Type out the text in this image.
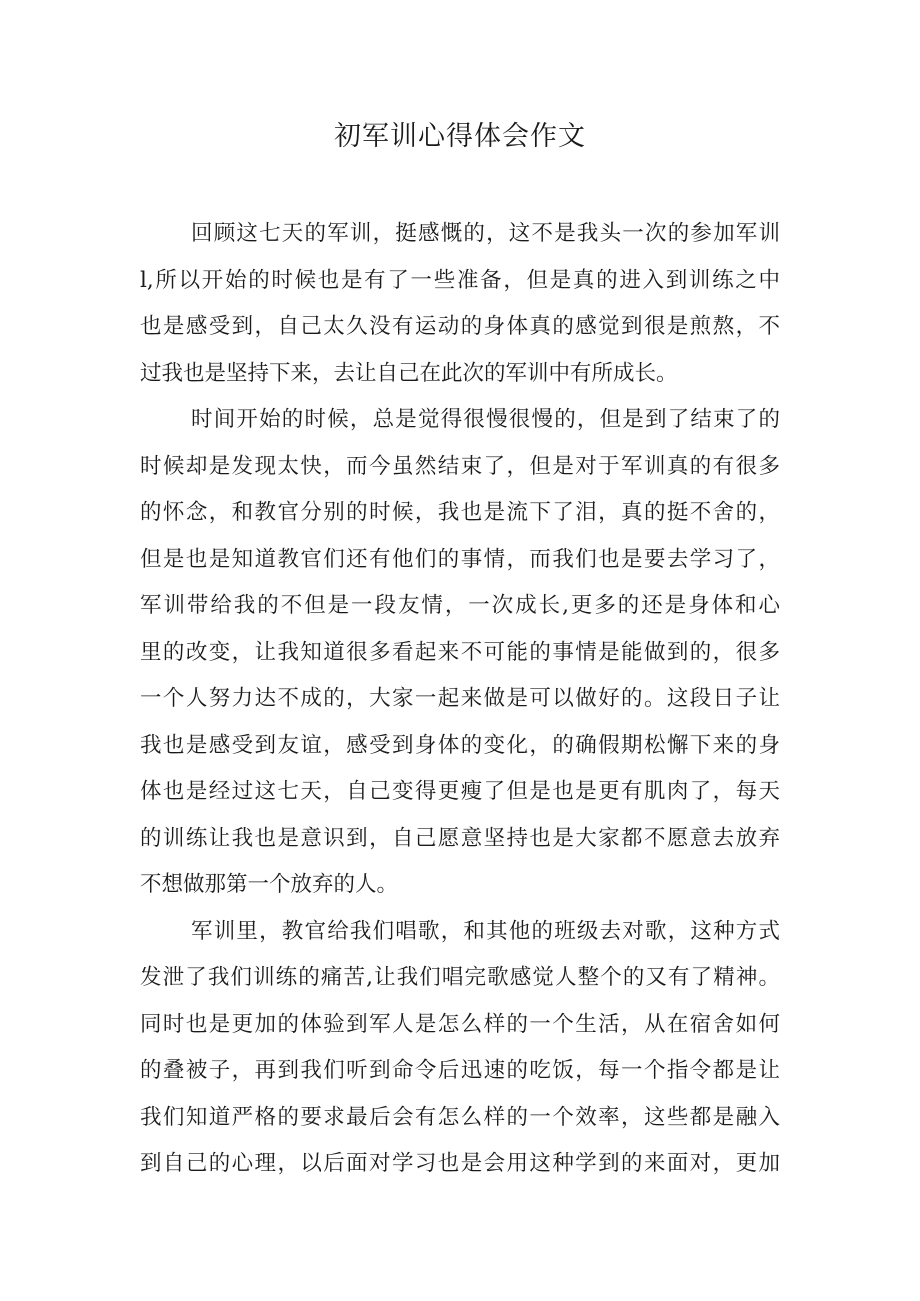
初军训心得体会作文
回顾这七天的军训，挺感慨的，这不是我头一次的参加军训
l,所以开始的时候也是有了一些准备，但是真的进入到训练之中
也是感受到，自己太久没有运动的身体真的感觉到很是煎熬，不
过我也是坚持下来，去让自己在此次的军训中有所成长。
时间开始的时候，总是觉得很慢很慢的，但是到了结束了的
时候却是发现太快，而今虽然结束了，但是对于军训真的有很多
的怀念，和教官分别的时候，我也是流下了泪，真的挺不舍的，
但是也是知道教官们还有他们的事情，而我们也是要去学习了，
军训带给我的不但是一段友情，一次成长,更多的还是身体和心
里的改变，让我知道很多看起来不可能的事情是能做到的，很多
一个人努力达不成的，大家一起来做是可以做好的。这段日子让
我也是感受到友谊，感受到身体的变化，的确假期松懈下来的身
体也是经过这七天，自己变得更瘦了但是也是更有肌肉了，每天
的训练让我也是意识到，自己愿意坚持也是大家都不愿意去放弃
不想做那第一个放弃的人。
军训里，教官给我们唱歌，和其他的班级去对歌，这种方式
发泄了我们训练的痛苦,让我们唱完歌感觉人整个的又有了精神。
同时也是更加的体验到军人是怎么样的一个生活，从在宿舍如何
的叠被子，再到我们听到命令后迅速的吃饭，每一个指令都是让
我们知道严格的要求最后会有怎么样的一个效率，这些都是融入
到自己的心理，以后面对学习也是会用这种学到的来面对，更加
